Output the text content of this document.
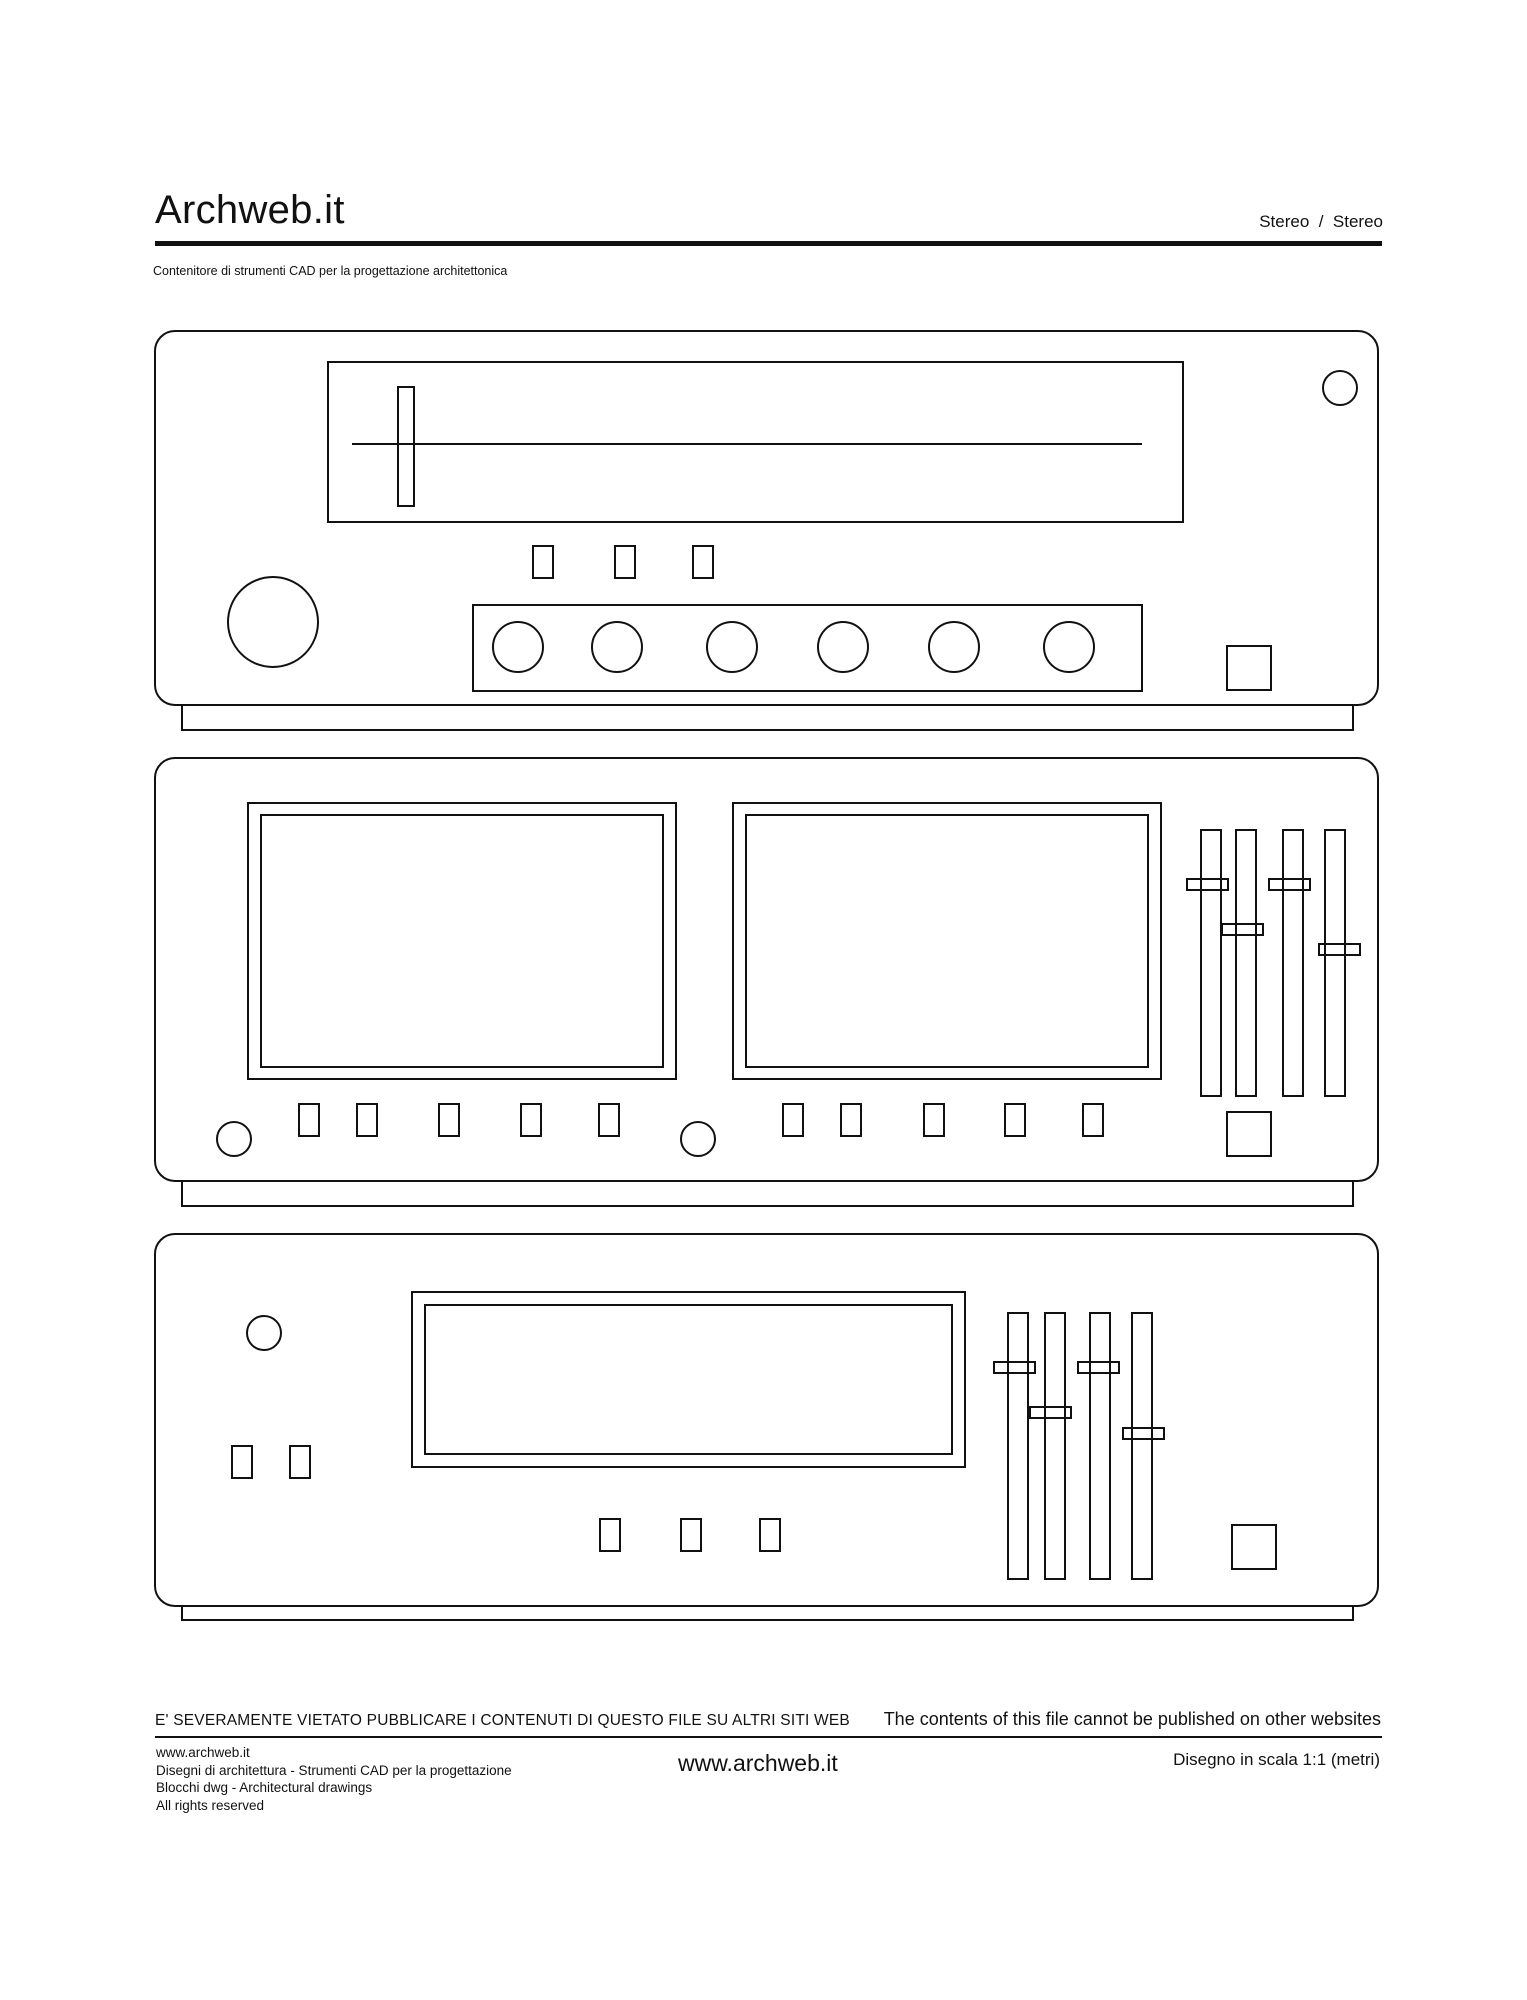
Archweb.it	Stereo  /  Stereo
Contenitore di strumenti CAD per la progettazione architettonica
E' SEVERAMENTE VIETATO PUBBLICARE I CONTENUTI DI QUESTO FILE SU ALTRI SITI WEB The contents of this file cannot be published on other websites
www.archweb.it
Disegni di architettura - Strumenti CAD per la progettazione
Blocchi dwg - Architectural drawings
All rights reserved
www.archweb.it	Disegno in scala 1:1 (metri)
